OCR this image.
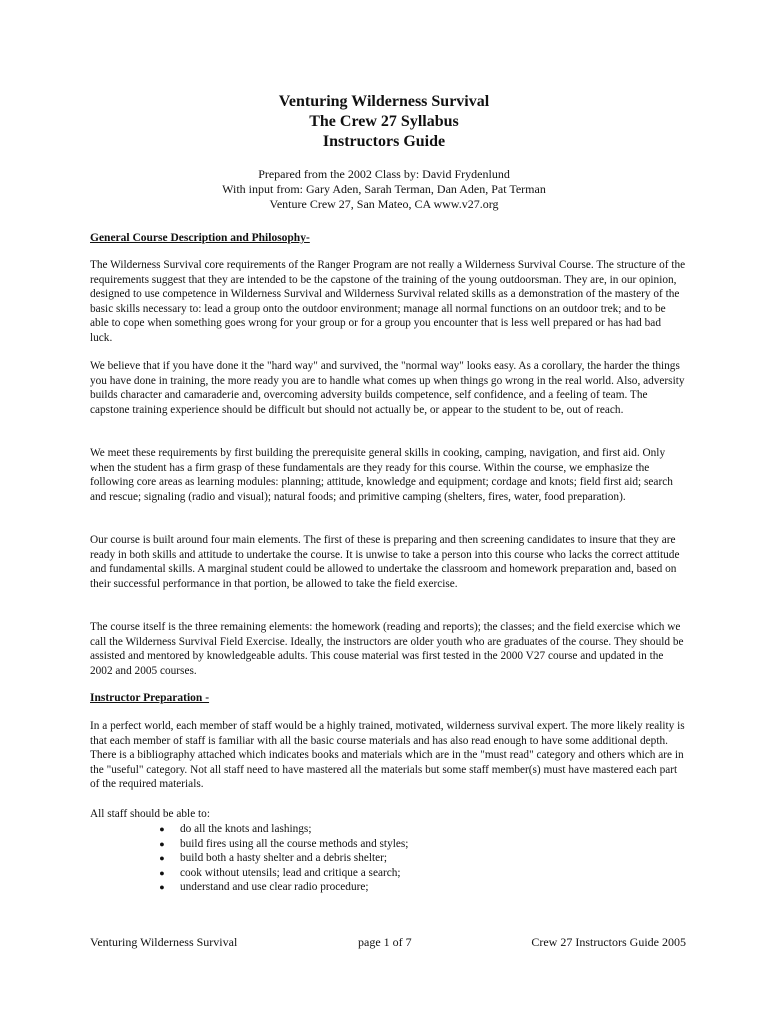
Venturing Wilderness Survival
The Crew 27 Syllabus
Instructors Guide
Prepared from the 2002 Class by: David Frydenlund
With input from: Gary Aden, Sarah Terman, Dan Aden, Pat Terman
Venture Crew 27, San Mateo, CA www.v27.org
General Course Description and Philosophy-

The Wilderness Survival core requirements of the Ranger Program are not really a Wilderness Survival Course. The structure of the requirements suggest that they are intended to be the capstone of the training of the young outdoorsman. They are, in our opinion, designed to use competence in Wilderness Survival and Wilderness Survival related skills as a demonstration of the mastery of the basic skills necessary to: lead a group onto the outdoor environment; manage all normal functions on an outdoor trek; and to be able to cope when something goes wrong for your group or for a group you encounter that is less well prepared or has had bad luck.

We believe that if you have done it the "hard way" and survived, the "normal way" looks easy. As a corollary, the harder the things you have done in training, the more ready you are to handle what comes up when things go wrong in the real world. Also, adversity builds character and camaraderie and, overcoming adversity builds competence, self confidence, and a feeling of team. The capstone training experience should be difficult but should not actually be, or appear to the student to be, out of reach.

We meet these requirements by first building the prerequisite general skills in cooking, camping, navigation, and first aid. Only when the student has a firm grasp of these fundamentals are they ready for this course. Within the course, we emphasize the following core areas as learning modules: planning; attitude, knowledge and equipment; cordage and knots; field first aid; search and rescue; signaling (radio and visual); natural foods; and primitive camping (shelters, fires, water, food preparation).

Our course is built around four main elements. The first of these is preparing and then screening candidates to insure that they are ready in both skills and attitude to undertake the course. It is unwise to take a person into this course who lacks the correct attitude and fundamental skills. A marginal student could be allowed to undertake the classroom and homework preparation and, based on their successful performance in that portion, be allowed to take the field exercise.

The course itself is the three remaining elements: the homework (reading and reports); the classes; and the field exercise which we call the Wilderness Survival Field Exercise. Ideally, the instructors are older youth who are graduates of the course. They should be assisted and mentored by knowledgeable adults. This couse material was first tested in the 2000 V27 course and updated in the 2002 and 2005 courses.

Instructor Preparation -

In a perfect world, each member of staff would be a highly trained, motivated, wilderness survival expert. The more likely reality is that each member of staff is familiar with all the basic course materials and has also read enough to have some additional depth. There is a bibliography attached which indicates books and materials which are in the "must read" category and others which are in the "useful" category. Not all staff need to have mastered all the materials but some staff member(s) must have mastered each part of the required materials.

All staff should be able to:

● do all the knots and lashings;
● build fires using all the course methods and styles;
● build both a hasty shelter and a debris shelter;
● cook without utensils; lead and critique a search;
● understand and use clear radio procedure;
Venturing Wilderness Survival	page 1 of 7	Crew 27 Instructors Guide 2005
